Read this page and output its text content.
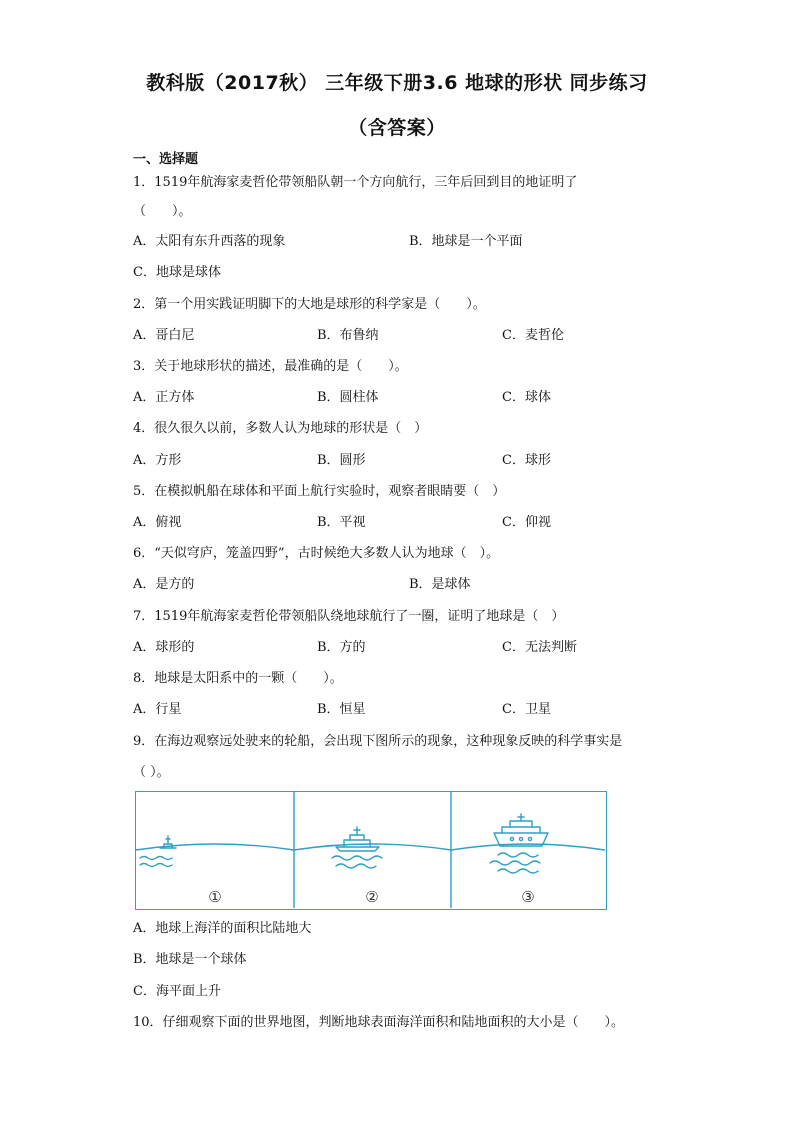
教科版（2017秋） 三年级下册3.6 地球的形状 同步练习
（含答案）
一、选择题
1．1519年航海家麦哲伦带领船队朝一个方向航行，三年后回到目的地证明了
（　　）。
A．太阳有东升西落的现象	B．地球是一个平面
C．地球是球体
2．第一个用实践证明脚下的大地是球形的科学家是（　　）。
A．哥白尼	B．布鲁纳	C．麦哲伦
3．关于地球形状的描述，最准确的是（　　）。
A．正方体	B．圆柱体	C．球体
4．很久很久以前，多数人认为地球的形状是（　）
A．方形	B．圆形	C．球形
5．在模拟帆船在球体和平面上航行实验时，观察者眼睛要（　）
A．俯视	B．平视	C．仰视
6．“天似穹庐，笼盖四野”，古时候绝大多数人认为地球（　）。
A．是方的	B．是球体
7．1519年航海家麦哲伦带领船队绕地球航行了一圈，证明了地球是（　）
A．球形的	B．方的	C．无法判断
8．地球是太阳系中的一颗（　　）。
A．行星	B．恒星	C．卫星
9．在海边观察远处驶来的轮船，会出现下图所示的现象，这种现象反映的科学事实是
（ ）。
①	②	③
A．地球上海洋的面积比陆地大
B．地球是一个球体
C．海平面上升
10．仔细观察下面的世界地图，判断地球表面海洋面积和陆地面积的大小是（　　）。
